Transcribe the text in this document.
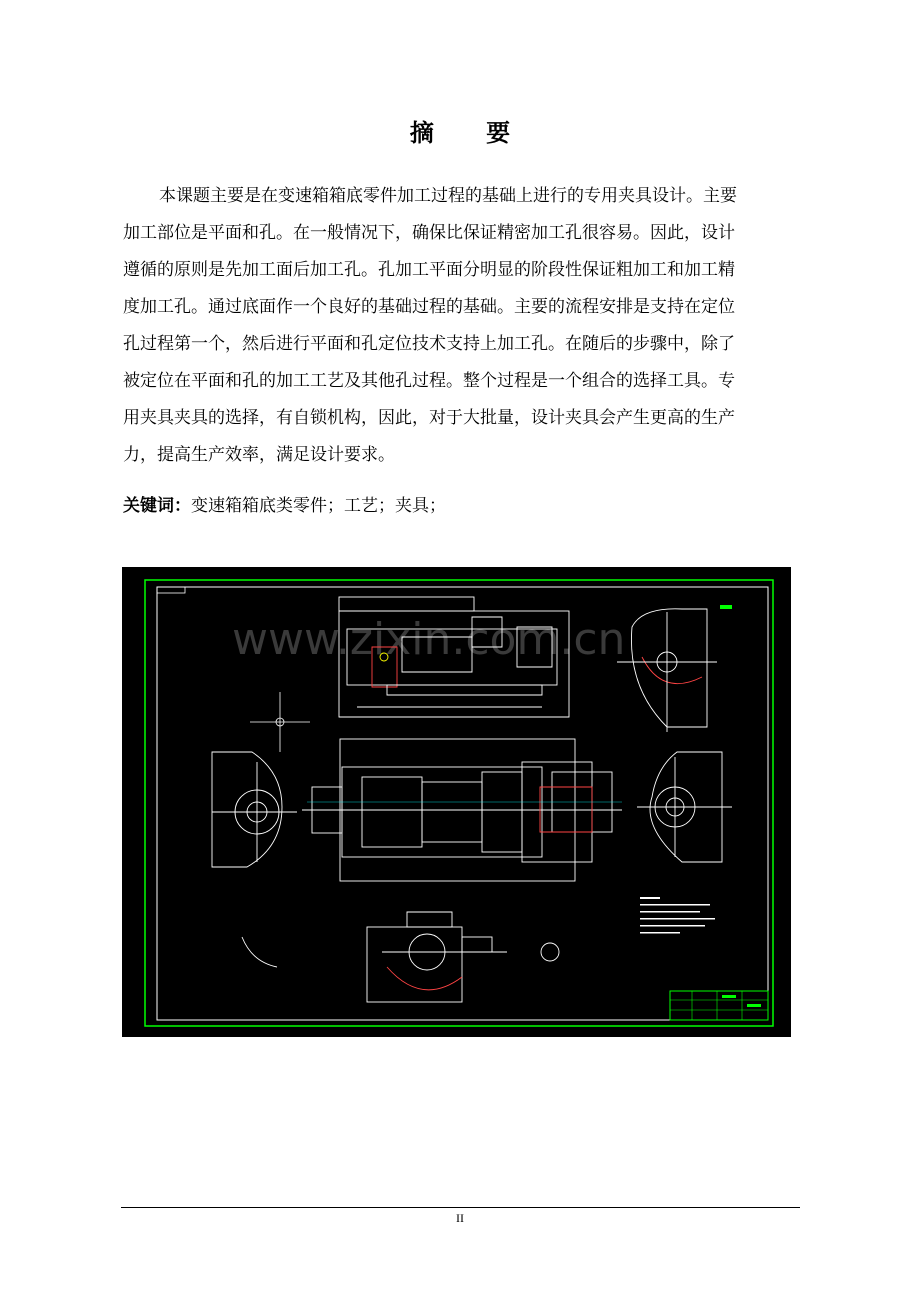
摘 要
本课题主要是在变速箱箱底零件加工过程的基础上进行的专用夹具设计。主要
加工部位是平面和孔。在一般情况下，确保比保证精密加工孔很容易。因此，设计
遵循的原则是先加工面后加工孔。孔加工平面分明显的阶段性保证粗加工和加工精
度加工孔。通过底面作一个良好的基础过程的基础。主要的流程安排是支持在定位
孔过程第一个，然后进行平面和孔定位技术支持上加工孔。在随后的步骤中，除了
被定位在平面和孔的加工工艺及其他孔过程。整个过程是一个组合的选择工具。专
用夹具夹具的选择，有自锁机构，因此，对于大批量，设计夹具会产生更高的生产
力，提高生产效率，满足设计要求。
关键词：变速箱箱底类零件；工艺；夹具；
www.zixin.com.cn
II
